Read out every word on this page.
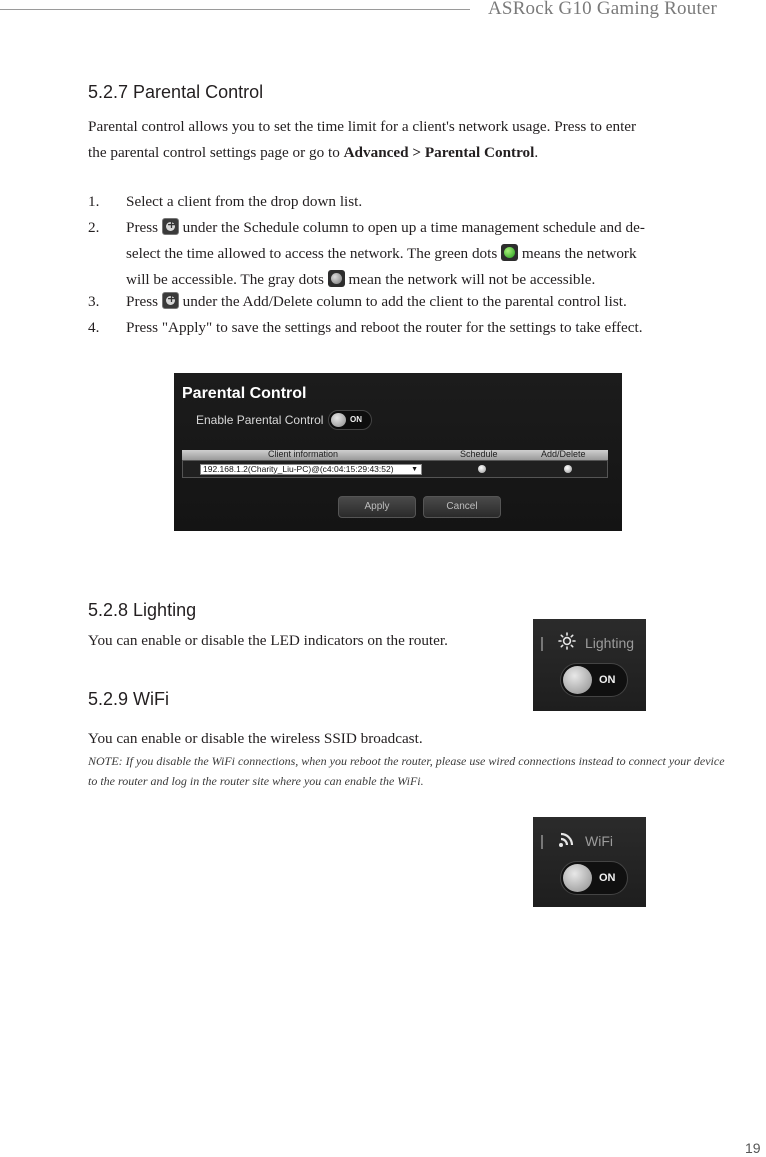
ASRock G10 Gaming Router
5.2.7 Parental Control
Parental control allows you to set the time limit for a client's network usage. Press to enter
the parental control settings page or go to Advanced > Parental Control.
1. Select a client from the drop down list.
2. Press + under the Schedule column to open up a time management schedule and de-
select the time allowed to access the network. The green dots  means the network
will be accessible. The gray dots  mean the network will not be accessible.
3. Press + under the Add/Delete column to add the client to the parental control list.
4. Press "Apply" to save the settings and reboot the router for the settings to take effect.
Parental Control
Enable Parental Control	ON
Client information	Schedule	Add/Delete
192.168.1.2(Charity_Liu-PC)@(c4:04:15:29:43:52)	▼
Apply	Cancel
5.2.8 Lighting
You can enable or disable the LED indicators on the router.	Lighting
ON
5.2.9 WiFi
You can enable or disable the wireless SSID broadcast.
NOTE: If you disable the WiFi connections, when you reboot the router, please use wired connections instead to connect your device to the router and log in the router site where you can enable the WiFi.
WiFi
ON
19
